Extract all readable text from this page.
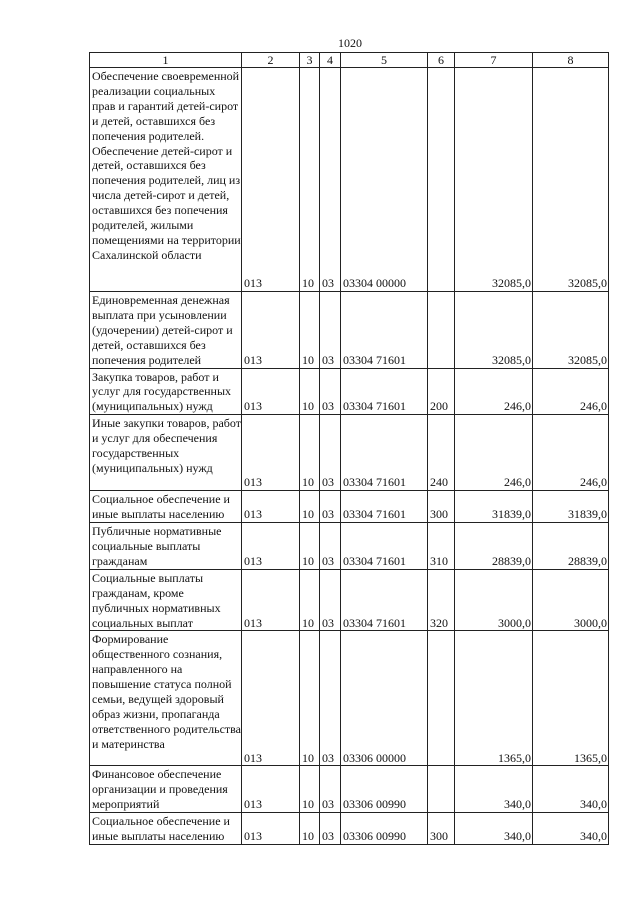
1020
1	2	3	4	5	6	7	8
Обеспечение своевременной реализации социальных прав и гарантий детей-сирот и детей, оставшихся без попечения родителей. Обеспечение детей-сирот и детей, оставшихся без попечения родителей, лиц из числа детей-сирот и детей, оставшихся без попечения родителей, жилыми помещениями на территории Сахалинской области	013	10	03	03304 00000		32085,0	32085,0
Единовременная денежная выплата при усыновлении (удочерении) детей-сирот и детей, оставшихся без попечения родителей	013	10	03	03304 71601		32085,0	32085,0
Закупка товаров, работ и услуг для государственных (муниципальных) нужд	013	10	03	03304 71601	200	246,0	246,0
Иные закупки товаров, работ и услуг для обеспечения государственных (муниципальных) нужд	013	10	03	03304 71601	240	246,0	246,0
Социальное обеспечение и иные выплаты населению	013	10	03	03304 71601	300	31839,0	31839,0
Публичные нормативные социальные выплаты гражданам	013	10	03	03304 71601	310	28839,0	28839,0
Социальные выплаты гражданам, кроме публичных нормативных социальных выплат	013	10	03	03304 71601	320	3000,0	3000,0
Формирование общественного сознания, направленного на повышение статуса полной семьи, ведущей здоровый образ жизни, пропаганда ответственного родительства и материнства	013	10	03	03306 00000		1365,0	1365,0
Финансовое обеспечение организации и проведения мероприятий	013	10	03	03306 00990		340,0	340,0
Социальное обеспечение и иные выплаты населению	013	10	03	03306 00990	300	340,0	340,0
